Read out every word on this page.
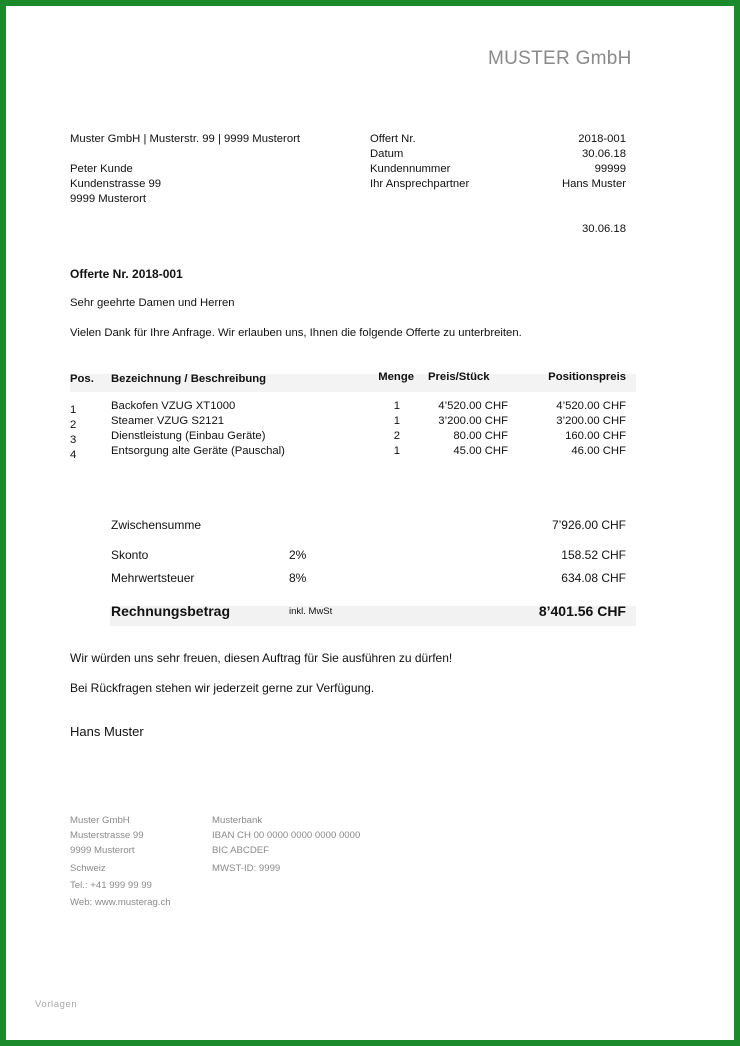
MUSTER GmbH
Muster GmbH | Musterstr. 99 | 9999 Musterort
Peter Kunde
Kundenstrasse 99
9999 Musterort
Offert Nr.	2018-001
Datum	30.06.18
Kundennummer	99999
Ihr Ansprechpartner	Hans Muster
30.06.18
Offerte Nr. 2018-001
Sehr geehrte Damen und Herren
Vielen Dank für Ihre Anfrage. Wir erlauben uns, Ihnen die folgende Offerte zu unterbreiten.
Pos. Bezeichnung / Beschreibung	Menge Preis/Stück	Positionspreis
1	Backofen VZUG XT1000	1	4’520.00 CHF	4’520.00 CHF
2	Steamer VZUG S2121	1	3’200.00 CHF	3’200.00 CHF
3	Dienstleistung (Einbau Geräte)	2	80.00 CHF	160.00 CHF
4	Entsorgung alte Geräte (Pauschal)	1	45.00 CHF	46.00 CHF
Zwischensumme	7’926.00 CHF
Skonto	2%	158.52 CHF
Mehrwertsteuer	8%	634.08 CHF
Rechnungsbetrag	inkl. MwSt	8’401.56 CHF
Wir würden uns sehr freuen, diesen Auftrag für Sie ausführen zu dürfen!
Bei Rückfragen stehen wir jederzeit gerne zur Verfügung.
Hans Muster
Muster GmbH
Musterstrasse 99
9999 Musterort
Schweiz
Tel.: +41 999 99 99
Web: www.musterag.ch
Musterbank
IBAN CH 00 0000 0000 0000 0000
BIC ABCDEF
MWST-ID: 9999
Vorlagen
